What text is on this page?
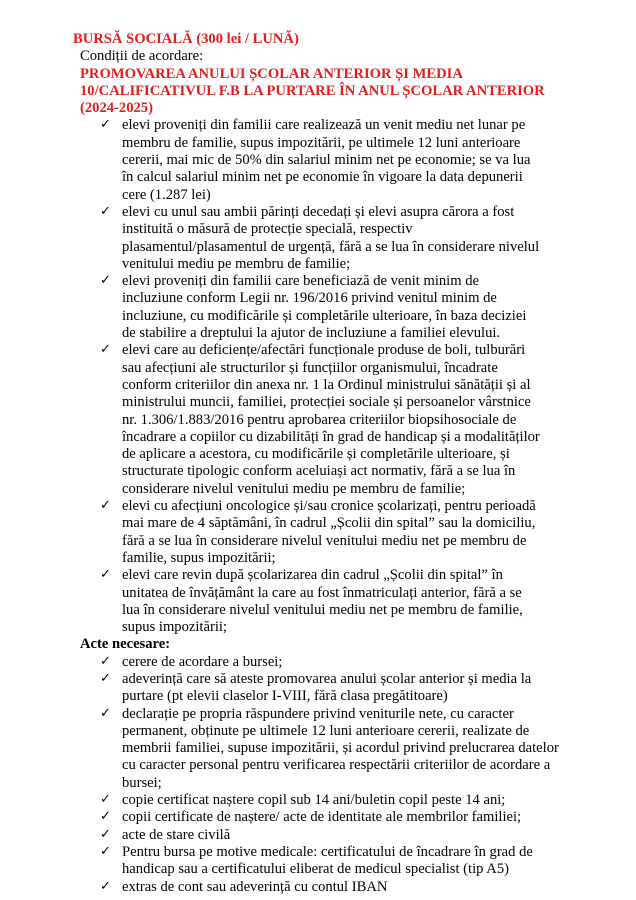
BURSĂ SOCIALĂ (300 lei / LUNĂ)
Condiții de acordare:
PROMOVAREA ANULUI ȘCOLAR ANTERIOR ȘI MEDIA
10/CALIFICATIVUL F.B LA PURTARE ÎN ANUL ȘCOLAR ANTERIOR
(2024-2025)
✓
elevi proveniți din familii care realizează un venit mediu net lunar pe
membru de familie, supus impozitării, pe ultimele 12 luni anterioare
cererii, mai mic de 50% din salariul minim net pe economie; se va lua
în calcul salariul minim net pe economie în vigoare la data depunerii
cere (1.287 lei)
✓
elevi cu unul sau ambii părinți decedați și elevi asupra cărora a fost
instituită o măsură de protecție specială, respectiv
plasamentul/plasamentul de urgență, fără a se lua în considerare nivelul
venitului mediu pe membru de familie;
✓
elevi proveniți din familii care beneficiază de venit minim de
incluziune conform Legii nr. 196/2016 privind venitul minim de
incluziune, cu modificările și completările ulterioare, în baza deciziei
de stabilire a dreptului la ajutor de incluziune a familiei elevului.
✓
elevi care au deficiențe/afectări funcționale produse de boli, tulburări
sau afecțiuni ale structurilor și funcțiilor organismului, încadrate
conform criteriilor din anexa nr. 1 la Ordinul ministrului sănătății și al
ministrului muncii, familiei, protecției sociale și persoanelor vârstnice
nr. 1.306/1.883/2016 pentru aprobarea criteriilor biopsihosociale de
încadrare a copiilor cu dizabilități în grad de handicap și a modalităților
de aplicare a acestora, cu modificările și completările ulterioare, și
structurate tipologic conform aceluiași act normativ, fără a se lua în
considerare nivelul venitului mediu pe membru de familie;
✓
elevi cu afecțiuni oncologice și/sau cronice școlarizați, pentru perioadă
mai mare de 4 săptămâni, în cadrul „Școlii din spital” sau la domiciliu,
fără a se lua în considerare nivelul venitului mediu net pe membru de
familie, supus impozitării;
✓
elevi care revin după școlarizarea din cadrul „Școlii din spital” în
unitatea de învățământ la care au fost înmatriculați anterior, fără a se
lua în considerare nivelul venitului mediu net pe membru de familie,
supus impozitării;
Acte necesare:
✓
cerere de acordare a bursei;
✓
adeverință care să ateste promovarea anului școlar anterior și media la
purtare (pt elevii claselor I-VIII, fără clasa pregătitoare)
✓
declarație pe propria răspundere privind veniturile nete, cu caracter
permanent, obținute pe ultimele 12 luni anterioare cererii, realizate de
membrii familiei, supuse impozitării, și acordul privind prelucrarea datelor
cu caracter personal pentru verificarea respectării criteriilor de acordare a
bursei;
✓
copie certificat naștere copil sub 14 ani/buletin copil peste 14 ani;
✓
copii certificate de naștere/ acte de identitate ale membrilor familiei;
✓
acte de stare civilă
✓
Pentru bursa pe motive medicale: certificatului de încadrare în grad de
handicap sau a certificatului eliberat de medicul specialist (tip A5)
✓
extras de cont sau adeverință cu contul IBAN
